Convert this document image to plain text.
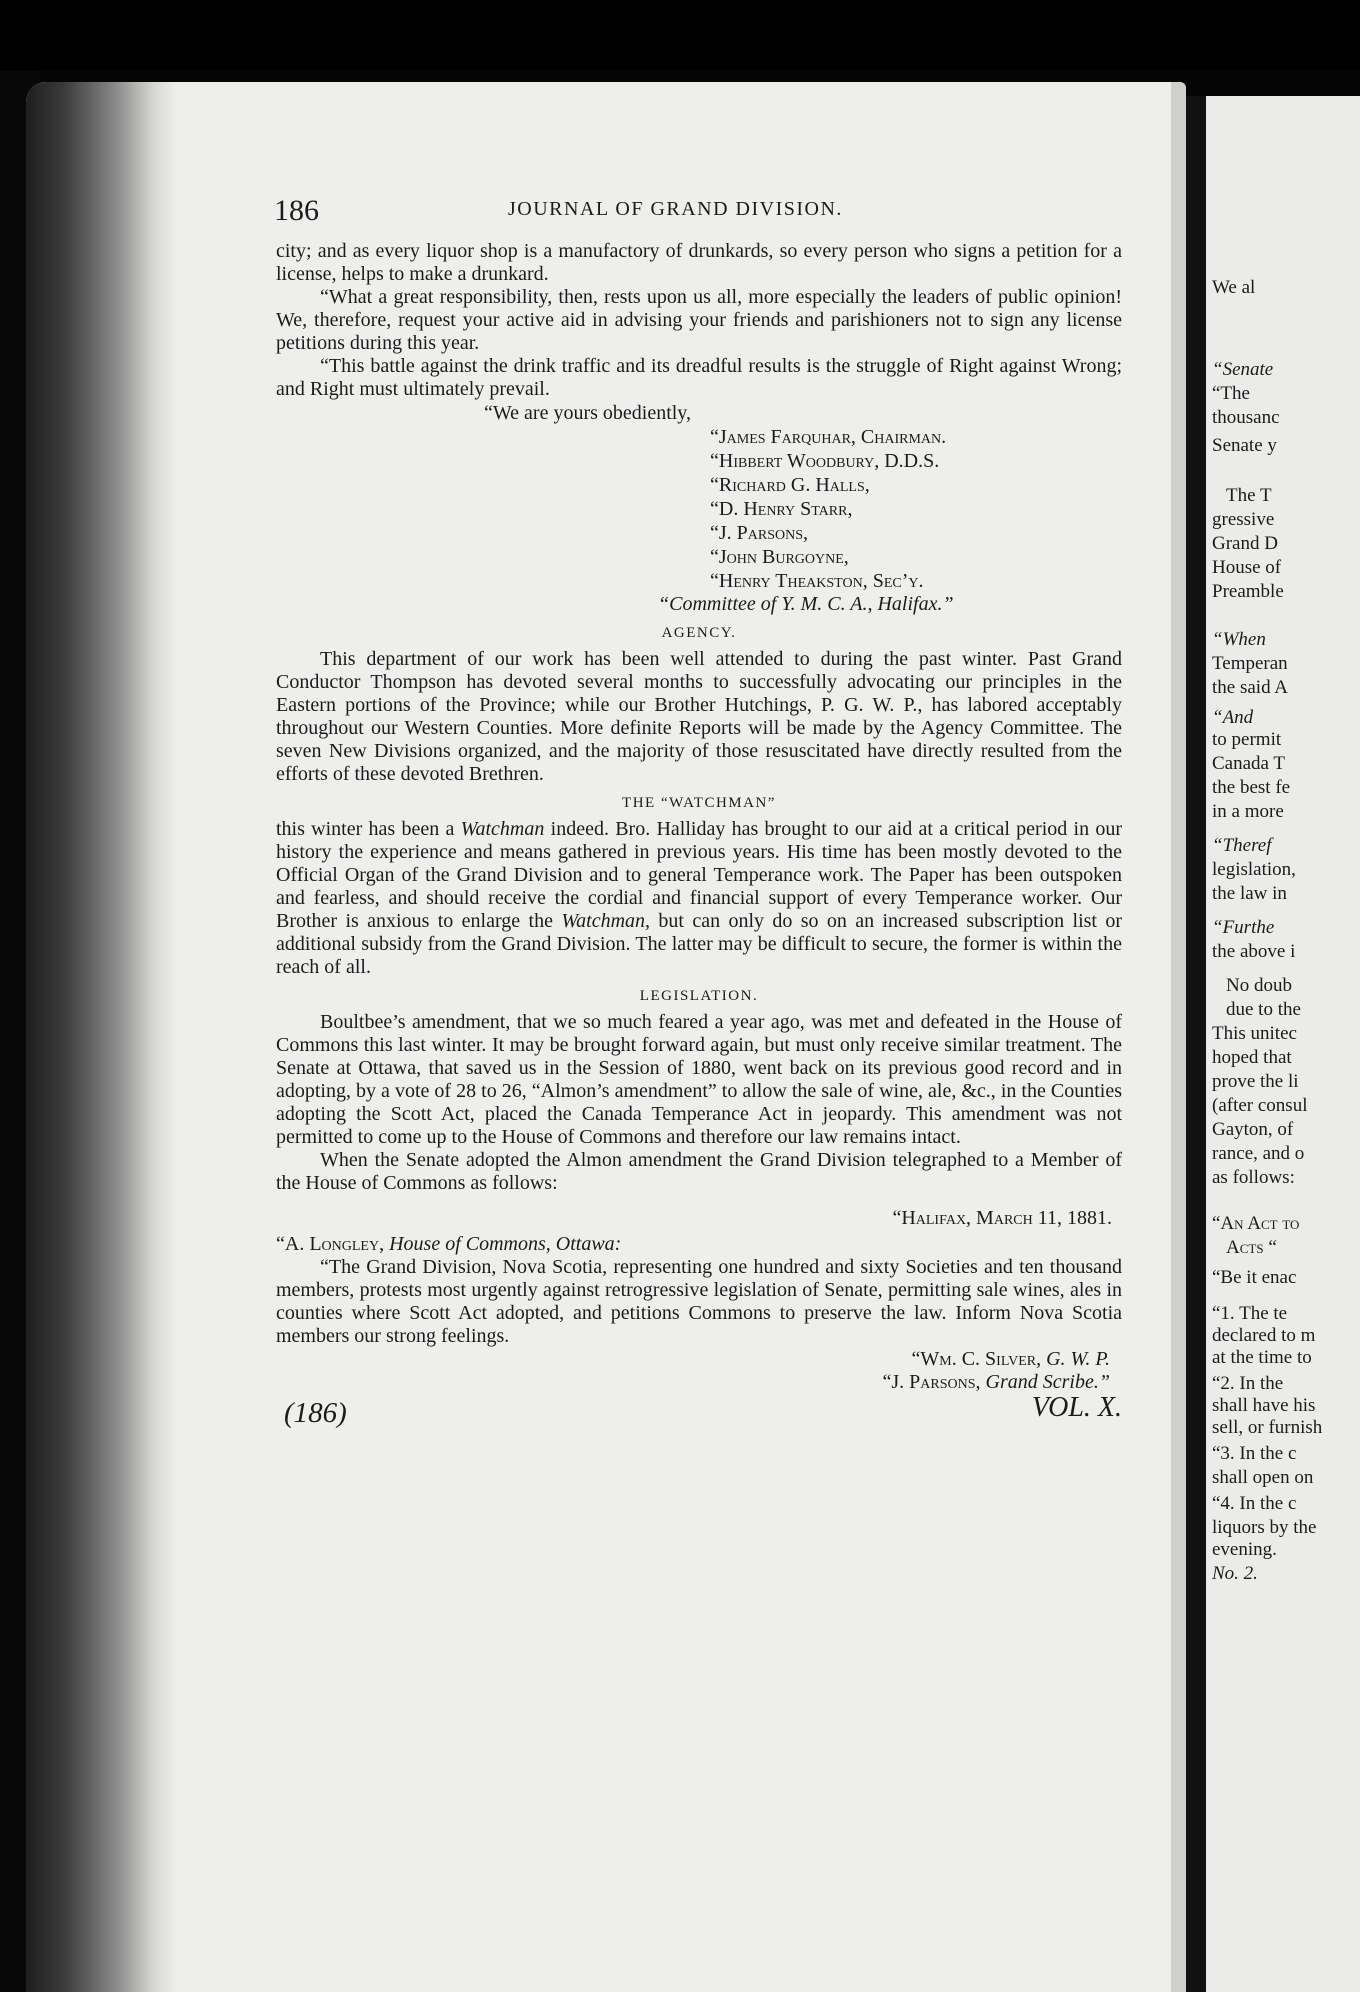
186	JOURNAL OF GRAND DIVISION.

city; and as every liquor shop is a manufactory of drunkards, so every person who signs a petition for a license, helps to make a drunkard.

“What a great responsibility, then, rests upon us all, more especially the leaders of public opinion! We, therefore, request your active aid in advising your friends and parishioners not to sign any license petitions during this year.

“This battle against the drink traffic and its dreadful results is the struggle of Right against Wrong; and Right must ultimately prevail.

“We are yours obediently,

“James Farquhar, Chairman.
“Hibbert Woodbury, D.D.S.
“Richard G. Halls,
“D. Henry Starr,
“J. Parsons,
“John Burgoyne,
“Henry Theakston, Sec’y.
“Committee of Y. M. C. A., Halifax.”
AGENCY.

This department of our work has been well attended to during the past winter. Past Grand Conductor Thompson has devoted several months to successfully advocating our principles in the Eastern portions of the Province; while our Brother Hutchings, P. G. W. P., has labored acceptably throughout our Western Counties. More definite Reports will be made by the Agency Committee. The seven New Divisions organized, and the majority of those resuscitated have directly resulted from the efforts of these devoted Brethren.

THE “WATCHMAN”

this winter has been a Watchman indeed. Bro. Halliday has brought to our aid at a critical period in our history the experience and means gathered in previous years. His time has been mostly devoted to the Official Organ of the Grand Division and to general Temperance work. The Paper has been outspoken and fearless, and should receive the cordial and financial support of every Temperance worker. Our Brother is anxious to enlarge the Watchman, but can only do so on an increased subscription list or additional subsidy from the Grand Division. The latter may be difficult to secure, the former is within the reach of all.

LEGISLATION.

Boultbee’s amendment, that we so much feared a year ago, was met and defeated in the House of Commons this last winter. It may be brought forward again, but must only receive similar treatment. The Senate at Ottawa, that saved us in the Session of 1880, went back on its previous good record and in adopting, by a vote of 28 to 26, “Almon’s amendment” to allow the sale of wine, ale, &c., in the Counties adopting the Scott Act, placed the Canada Temperance Act in jeopardy. This amendment was not permitted to come up to the House of Commons and therefore our law remains intact.

When the Senate adopted the Almon amendment the Grand Division telegraphed to a Member of the House of Commons as follows:

“Halifax, March 11, 1881.

“A. Longley, House of Commons, Ottawa:

“The Grand Division, Nova Scotia, representing one hundred and sixty Societies and ten thousand members, protests most urgently against retrogressive legislation of Senate, permitting sale wines, ales in counties where Scott Act adopted, and petitions Commons to preserve the law. Inform Nova Scotia members our strong feelings.

“Wm. C. Silver, G. W. P.
“J. Parsons, Grand Scribe.”
(186)	VOL. X.
We al
“Senate
“The
thousanc
Senate y
The T
gressive
Grand D
House of
Preamble
“When
Temperan
the said A
“And
to permit
Canada T
the best fe
in a more
“Theref
legislation,
the law in
“Furthe
the above i
No doub
due to the
This unitec
hoped that
prove the li
(after consul
Gayton, of
rance, and o
as follows:
“An Act to
Acts “
“Be it enac
“1. The te
declared to m
at the time to
“2. In the
shall have his
sell, or furnish
“3. In the c
shall open on
“4. In the c
liquors by the
evening.
No. 2.
